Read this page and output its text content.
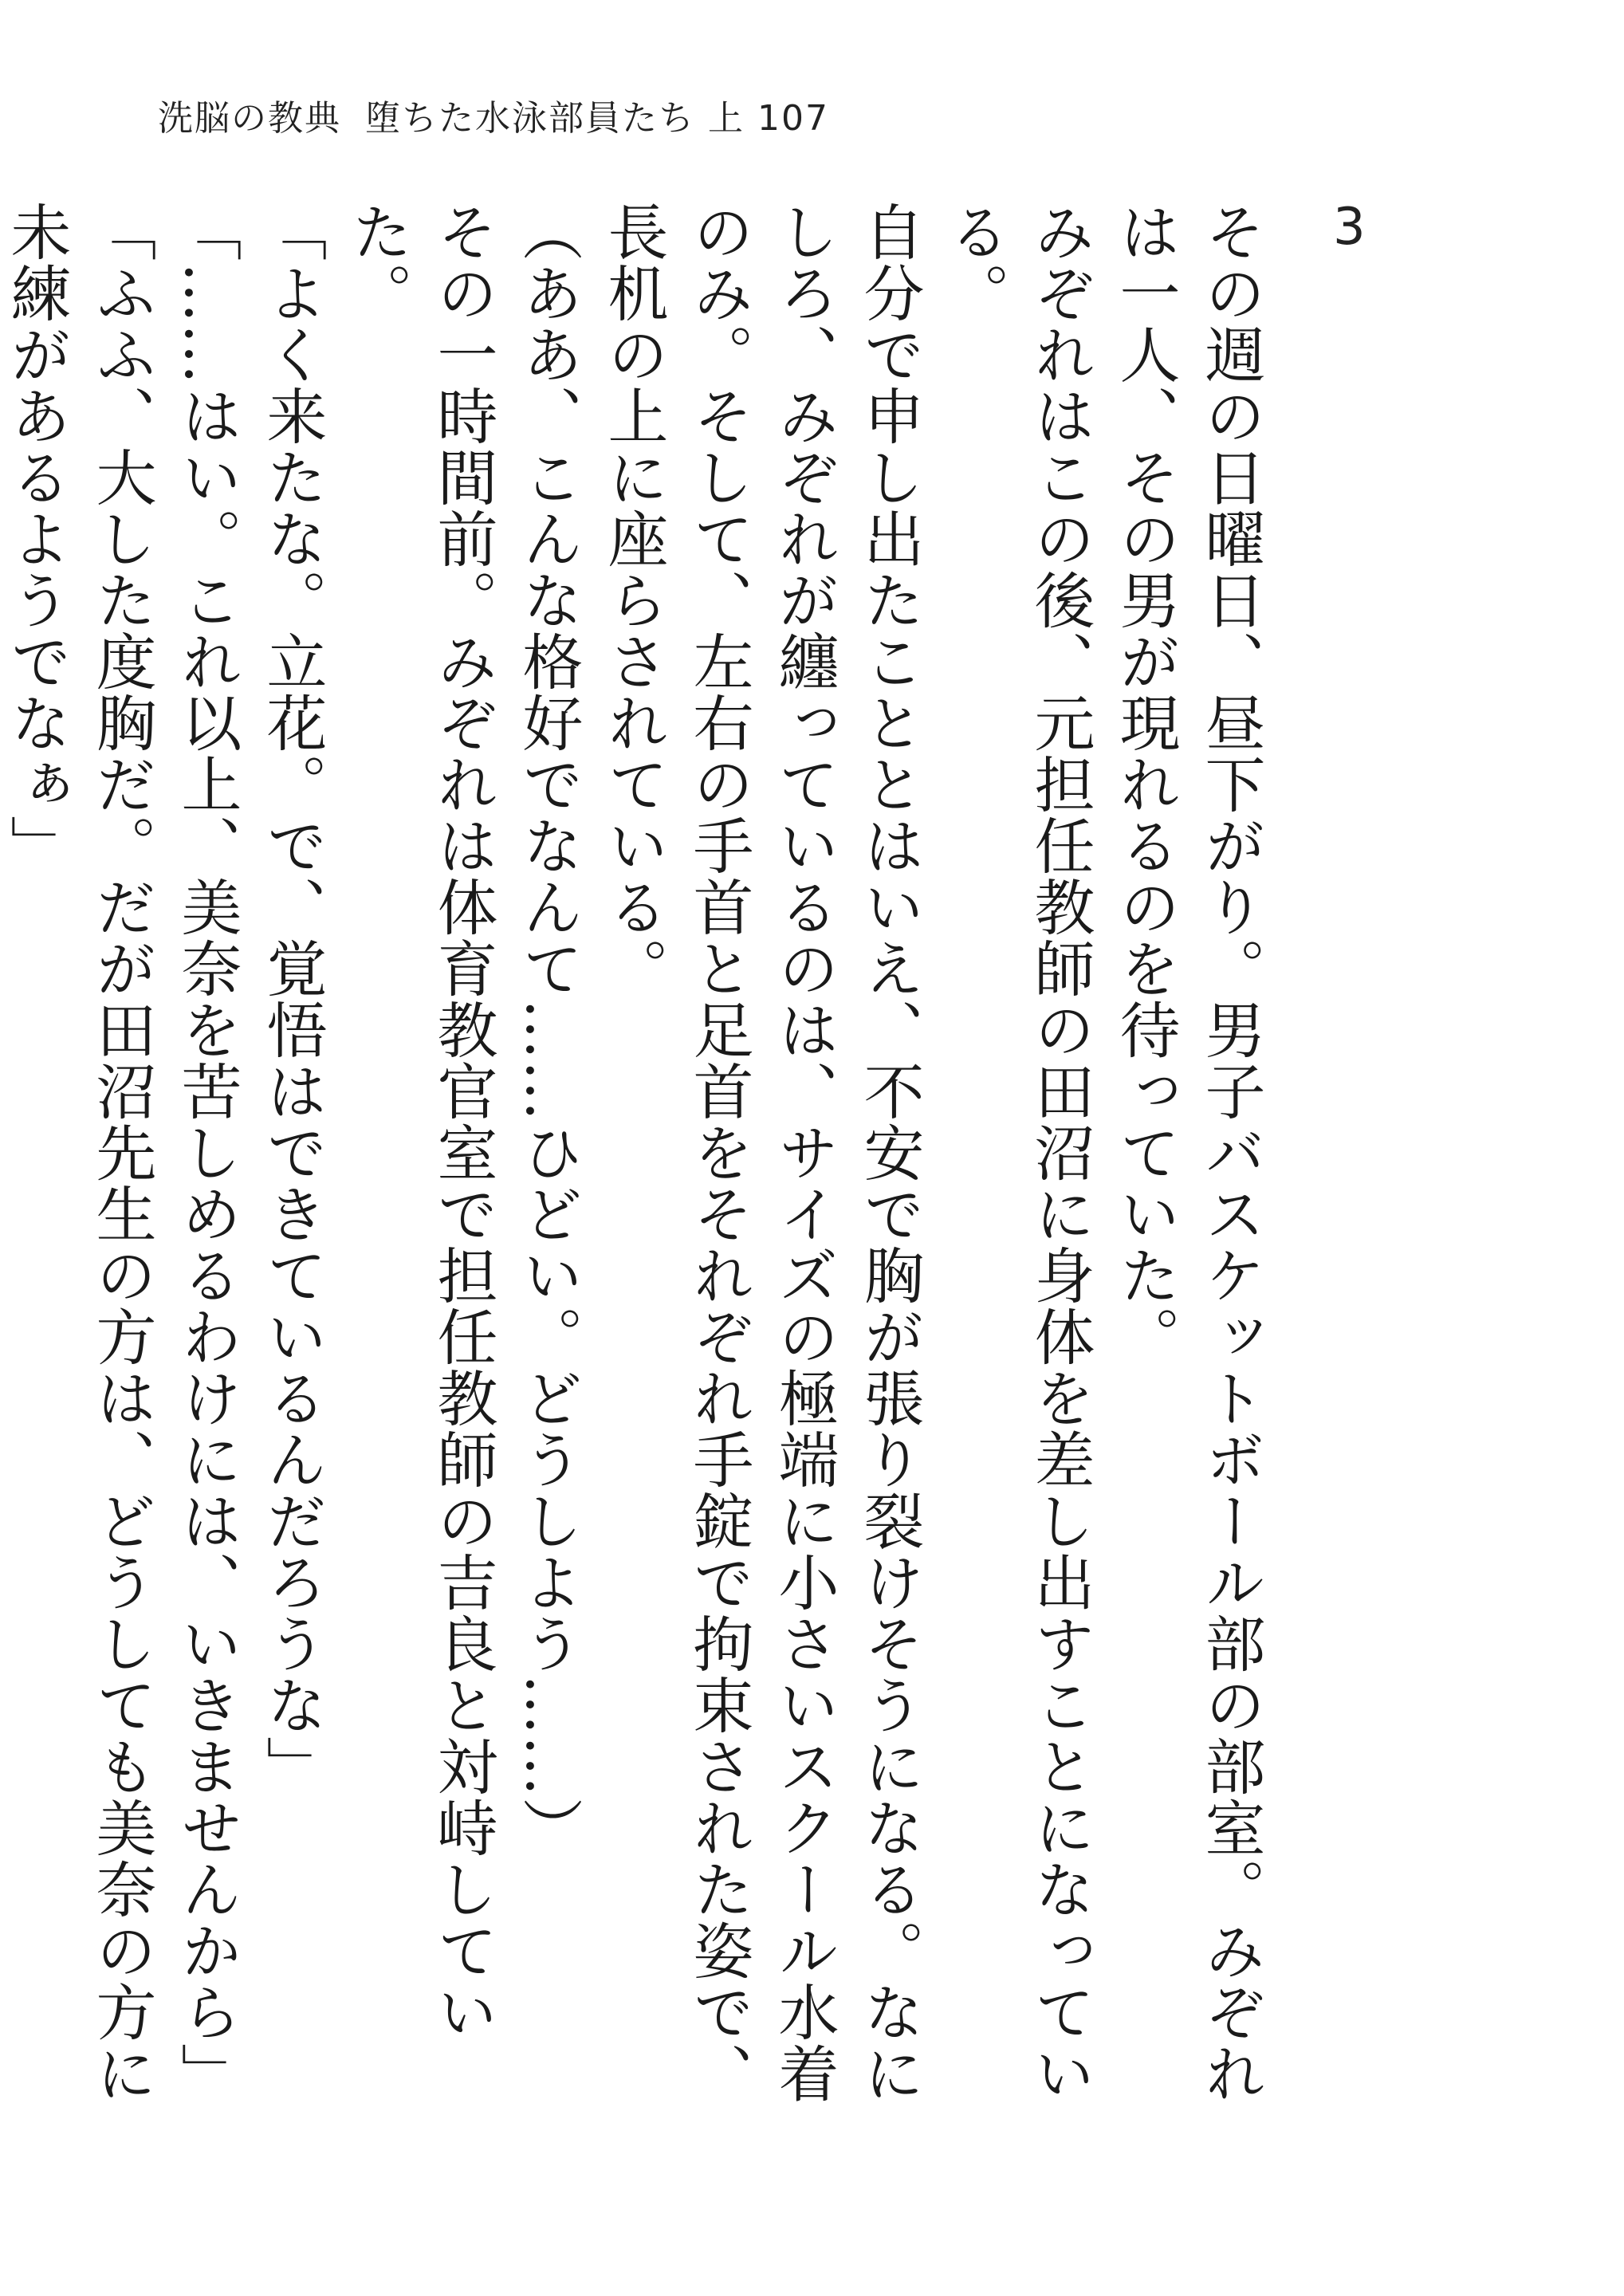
洗脳の教典 堕ちた水泳部員たち 上 107
3

その週の日曜日、昼下がり。男子バスケットボール部の部室。みぞれは一人、その男が現れるのを待っていた。

みぞれはこの後、元担任教師の田沼に身体を差し出すことになっている。

自分で申し出たこととはいえ、不安で胸が張り裂けそうになる。なにしろ、みぞれが纏っているのは、サイズの極端に小さいスクール水着のみ。そして、左右の手首と足首をそれぞれ手錠で拘束された姿で、長机の上に座らされている。

（ああ、こんな格好でなんて……ひどい。どうしよう……）

その一時間前。みぞれは体育教官室で担任教師の吉良と対峙していた。

「よく来たな。立花。で、覚悟はできているんだろうな」

「……はい。これ以上、美奈を苦しめるわけには、いきませんから」

「ふふ、大した度胸だ。だが田沼先生の方は、どうしても美奈の方に未練があるようでなぁ」
